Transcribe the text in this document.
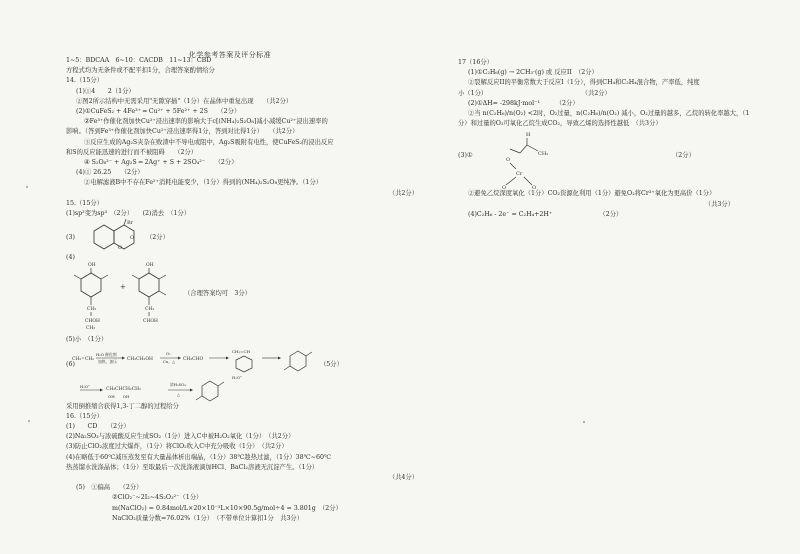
化学参考答案及评分标准
1~5：BDCAA　6~10：CACDB　11~13：CBD
方程式均为无条件或不配平扣1分，合理答案酌情给分
14.（15分）
(1)①4　　2（1分）
②图2所示结构中无需采用"无隙穿插"（1分）在晶体中重复出现　　（共2分）
(2)①CuFeS₂ + 4Fe³⁺ ═ Cu²⁺ + 5Fe²⁺ + 2S　　（2分）
②Fe³⁺作催化剂加快Cu²⁺浸出速率的影响大于c[(NH₄)₂S₂O₈]减小减缓Cu²⁺浸出速率的
影响。（答到Fe³⁺作催化剂加快Cu²⁺浸出速率得1分，答到对比得1分）　　（共2分）
③反应生成的Ag₂S夹杂在败渣中不导电或阻中，Ag₂S吸附有电性，使CuFeS₂的浸出反应
和S的反应能迅速的进行而不被阻碍　　（2分）
④ S₂O₈²⁻ + Ag₂S ═ 2Ag⁺ + S + 2SO₄²⁻　　（2分）
(4)① 26.25　　（2分）
②电解滤液B中不存在Fe²⁺消耗电能变少，（1分）得到的(NH₄)₂S₂O₈更纯净。（1分）
（共2分）
15.（15分）
(1)sp²变为sp³　（2分）　　(2)消去　（1分）
(3)
Br
O
O
（2分）
(4)
OH
CH₂
CHOH
CH₃
+
OH
CH₂
CHOH
（合理答案均可　3分）
(5)小　（1分）
CH₂=CH₂
H₂O 催化剂
加热，加压 CH₃CH₂OH
O₂
Cu，△ CH₃CHO
CH₂=CH
H₃O⁺
H₃O⁺
CH₃CHCH₂CH₂
OH　　OH
浓H₂SO₄
△
(6)	（5分）
采用倒推缩合获得1,3-丁二醇的过程给分
16.（15分）
(1)　　CD　　（2分）
(2)Na₂SO₃与浓硫酸反应生成SO₂（1分）进入C中被H₂O₂氧化（1分）　（共2分）
(3)防止ClO₂浓度过大爆炸，（1分）将ClO₂吹入C中充分吸收（1分）　（共2分）
(4)在略低于60℃减压蒸发至有大量晶体析出端晶，（1分）38℃趁热过滤，（1分）38℃~60℃
热蒸馏水洗涤晶体；（1分）至取最后一次洗涤液滴加HCl、BaCl₂溶液无沉淀产生。（1分）
（共4分）
(5)　①偏高　　（2分）
②ClO₂⁻~2I₂~4S₂O₃²⁻（1分）
m(NaClO₂) = 0.84mol/L×20×10⁻³L×10×90.5g/mol÷4 = 3.801g　（2分）
NaClO₂质量分数=76.02%（1分）　（不带单位计算扣1分　共3分）
17（16分）
(1)①C₂H₆(g) → 2CH₃·(g) 或 反应II　（2分）
②裂解反应II的平衡常数大于反应I（1分），得到CH₄和C₂H₄混合物，产率低，纯度
小（1分）　　　　　　　　　　　　　　　　（共2分）
(2)①ΔH= -298kJ·mol⁻¹　　　（2分）
②当 n(C₂H₆)/n(O₂) <2时，O₂过量，n(C₂H₆)/n(O₂) 减小，O₂过量的越多，乙烷的转化率越大，（1
分）和过量的O₂可氧化乙烷生成CO₂，导致乙烯的选择性越低　（共3分）
(3)①
H
CH₂
O
Cr
O	O
（2分）
②避免乙烷深度氧化（1分）CO₂资源化利用（1分）避免O₂将Cr³⁺氧化为更高价（1分）
（共3分）
(4)C₂H₆ - 2e⁻ = C₂H₄+2H⁺　　　　　　　　（2分）
